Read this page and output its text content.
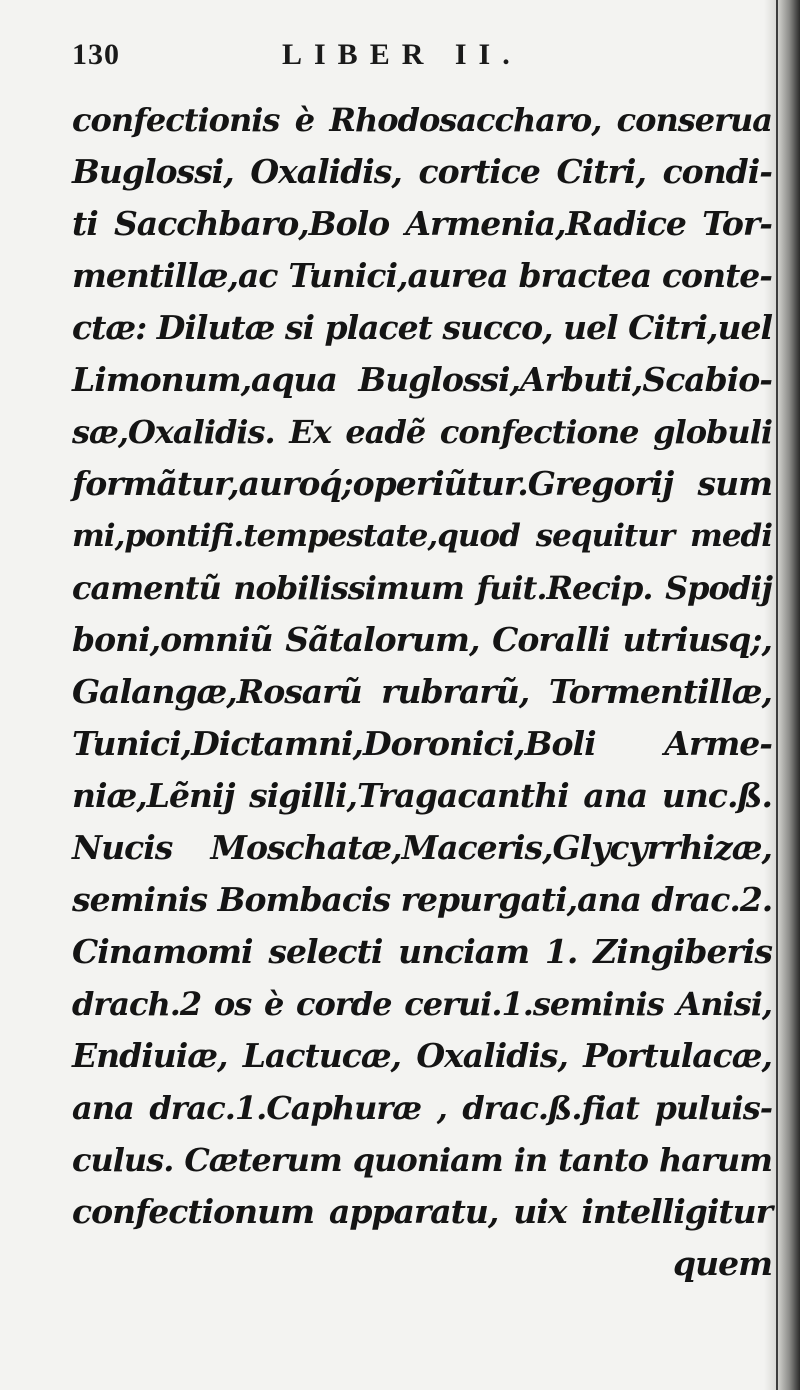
130	LIBER II.
confectionis è Rhodosaccharo, conserua
Buglossi, Oxalidis, cortice Citri, condi-
ti Sacchbaro,Bolo Armenia,Radice Tor-
mentillæ,ac Tunici,aurea bractea conte-
ctæ: Dilutæ si placet succo, uel Citri,uel
Limonum,aqua Buglossi,Arbuti,Scabio-
sæ,Oxalidis. Ex eadẽ confectione globuli
formãtur,auroq́;operiũtur.Gregorij sum
mi,pontifi.tempestate,quod sequitur medi
camentũ nobilissimum fuit.Recip. Spodij
boni,omniũ Sãtalorum, Coralli utriusq;,
Galangæ,Rosarũ rubrarũ, Tormentillæ,
Tunici,Dictamni,Doronici,Boli Arme-
niæ,Lẽnij sigilli,Tragacanthi ana unc.ß.
Nucis Moschatæ,Maceris,Glycyrrhizæ,
seminis Bombacis repurgati,ana drac.2.
Cinamomi selecti unciam 1. Zingiberis
drach.2 os è corde cerui.1.seminis Anisi,
Endiuiæ, Lactucæ, Oxalidis, Portulacæ,
ana drac.1.Caphuræ , drac.ß.fiat puluis-
culus. Cæterum quoniam in tanto harum
confectionum apparatu, uix intelligitur
quem
